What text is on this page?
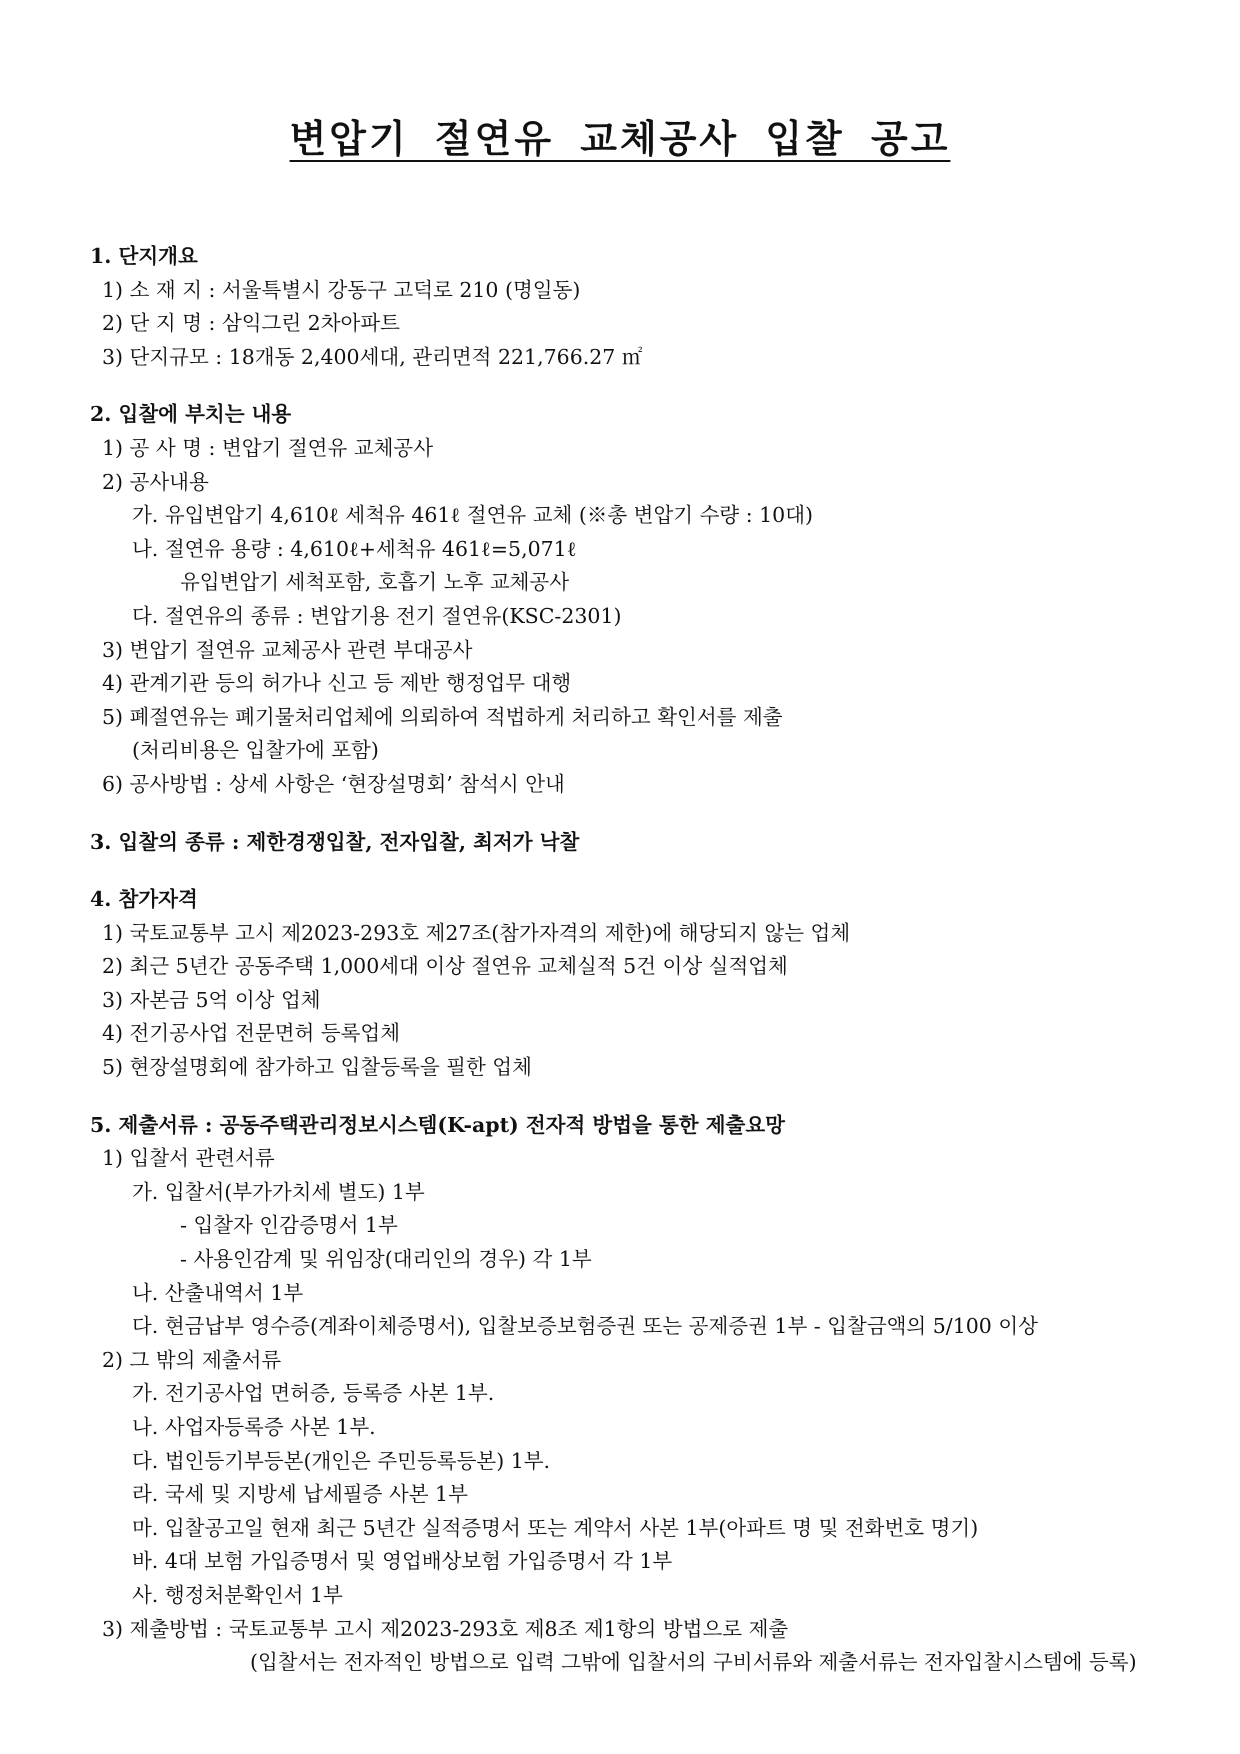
변압기 절연유 교체공사 입찰 공고
1. 단지개요
1) 소 재 지 : 서울특별시 강동구 고덕로 210 (명일동)
2) 단 지 명 : 삼익그린 2차아파트
3) 단지규모 : 18개동 2,400세대, 관리면적 221,766.27 ㎡
2. 입찰에 부치는 내용
1) 공 사 명 : 변압기 절연유 교체공사
2) 공사내용
가. 유입변압기 4,610ℓ 세척유 461ℓ 절연유 교체 (※총 변압기 수량 : 10대)
나. 절연유 용량 : 4,610ℓ+세척유 461ℓ=5,071ℓ
유입변압기 세척포함, 호흡기 노후 교체공사
다. 절연유의 종류 : 변압기용 전기 절연유(KSC-2301)
3) 변압기 절연유 교체공사 관련 부대공사
4) 관계기관 등의 허가나 신고 등 제반 행정업무 대행
5) 폐절연유는 폐기물처리업체에 의뢰하여 적법하게 처리하고 확인서를 제출
(처리비용은 입찰가에 포함)
6) 공사방법 : 상세 사항은 ‘현장설명회’ 참석시 안내
3. 입찰의 종류 : 제한경쟁입찰, 전자입찰, 최저가 낙찰
4. 참가자격
1) 국토교통부 고시 제2023-293호 제27조(참가자격의 제한)에 해당되지 않는 업체
2) 최근 5년간 공동주택 1,000세대 이상 절연유 교체실적 5건 이상 실적업체
3) 자본금 5억 이상 업체
4) 전기공사업 전문면허 등록업체
5) 현장설명회에 참가하고 입찰등록을 필한 업체
5. 제출서류 : 공동주택관리정보시스템(K-apt) 전자적 방법을 통한 제출요망
1) 입찰서 관련서류
가. 입찰서(부가가치세 별도) 1부
- 입찰자 인감증명서 1부
- 사용인감계 및 위임장(대리인의 경우) 각 1부
나. 산출내역서 1부
다. 현금납부 영수증(계좌이체증명서), 입찰보증보험증권 또는 공제증권 1부 - 입찰금액의 5/100 이상
2) 그 밖의 제출서류
가. 전기공사업 면허증, 등록증 사본 1부.
나. 사업자등록증 사본 1부.
다. 법인등기부등본(개인은 주민등록등본) 1부.
라. 국세 및 지방세 납세필증 사본 1부
마. 입찰공고일 현재 최근 5년간 실적증명서 또는 계약서 사본 1부(아파트 명 및 전화번호 명기)
바. 4대 보험 가입증명서 및 영업배상보험 가입증명서 각 1부
사. 행정처분확인서 1부
3) 제출방법 : 국토교통부 고시 제2023-293호 제8조 제1항의 방법으로 제출
(입찰서는 전자적인 방법으로 입력 그밖에 입찰서의 구비서류와 제출서류는 전자입찰시스템에 등록)
